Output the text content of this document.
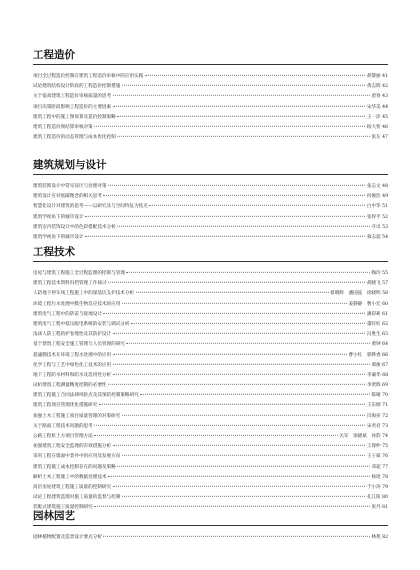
工程造价
项目全过程造价控制在建筑工程造价审核中的应用实践	胡黎丽 41
试论建筑结构设计阶段的工程造价控制措施	黄志辉 42
关于提高建筑工程造价审核质量的思考	唐春 43
项目决策阶段影响工程造价的主要因素	宋华美 44
建筑工程中的施工图预算及造价控制策略	王一洋 45
建筑工程造价预结算审核对策	杨大智 46
建筑工程造价的动态管理与成本优化控制	张友 47
建筑规划与设计
建筑装饰设计中常见误区与处理对策	张志文 48
建筑设计应对低碳理念的相关思考	何俊浩 49
智慧化设计对建筑的思考——以研究及与空间特征为焦点	白中华 51
建筑学视角下的城市设计	张梓平 52
建筑室内装饰设计中的色彩搭配技术分析	开司 53
建筑学视角下的城市设计	慕志超 54
工程技术
房屋与建筑工程施工全过程监理的控制与管理	陶玲 55
建筑工程技术资料归档管理工作探讨	胡晓飞 57
人防地下停车场工程施工中的深基坑支护技术分析	蔡晓辉　潘国兹　徐晓明 58
环境工程污水处理中膜生物反应技术的应用	姜静静　曹小宏 60
建筑电气工程中的防雷与接地设计	潘彩莉 61
建筑电气工程中低压配电系统的安装与调试分析	董旺旺 62
浅谈人防工程的护卷埋性及其防护设计	冯胜生 63
基于建筑工程安全施工管理与人员管理的研究	黄钟 64
超滤膜技术在环境工程水处理中的应用	曹小红　郭晔香 66
化学工程与工艺中绿色化工技术的应用	邢俊 67
地下工程防水材料和防水及选用性分析	李谦华 68
试析建筑工程测量精度控制的必要性	李贤辉 69
建筑工程施工合同法律风险点及其预防控制策略研究	陈晴 70
建筑工程项目管理优化措施研究	王东刚 71
加强土木工程施工项目质量管理的对策研究	闫海亮 72
关于路面工程技术问题的思考	宋君君 73
公路工程桩土方项目管理方法	关军　梁晓斌　孙韵 74
加强建筑工程安全监理的有效措施分析	王锋仲 75
采用工程在墙面中类外中的应用及发展方向	王子斌 76
建筑工程施工成本控制存在的问题及策略	邓超 77
解析土木工程施工中的数据处理技术	杨瑶 78
高层房屋建筑工程施工质量的控制研究	于小涛 79
试论工程建筑监理对施工质量的监督与控制	孔江阳 80
装配式建筑施工质量控制研究	张丹 81
园林园艺
园林植物配置及造景设计要点分析	林苑 82
